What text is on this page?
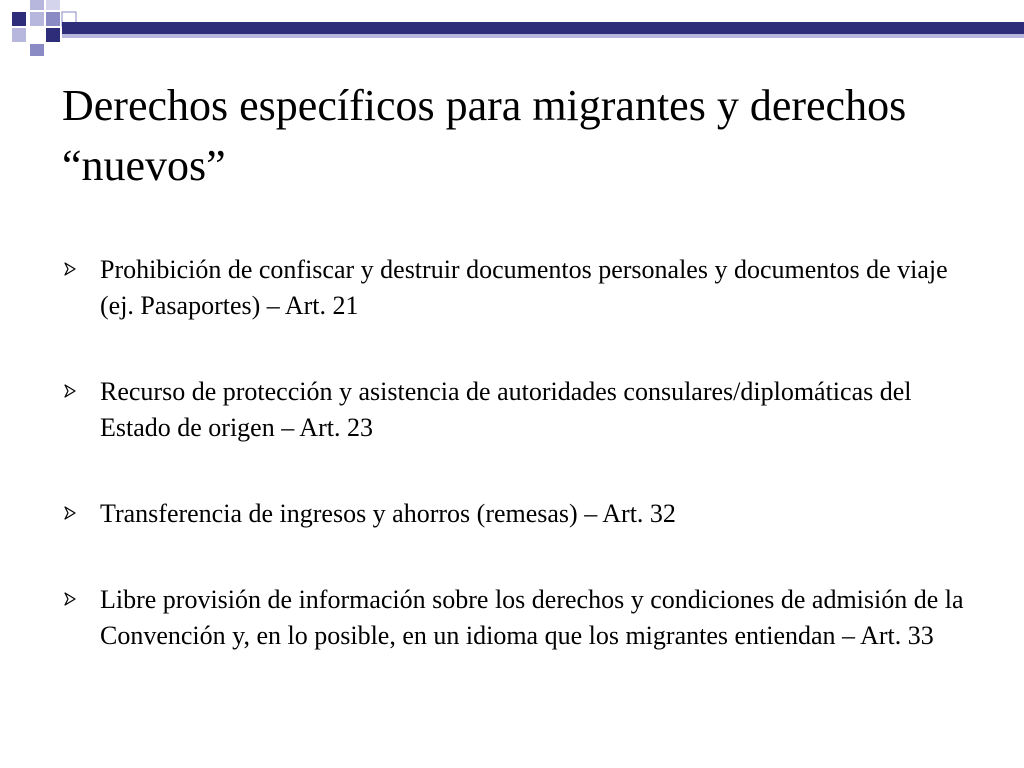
Derechos específicos para migrantes y derechos “nuevos”
Prohibición de confiscar y destruir documentos personales y documentos de viaje (ej. Pasaportes) – Art. 21
Recurso de protección y asistencia de autoridades consulares/diplomáticas del Estado de origen – Art. 23
Transferencia de ingresos y ahorros (remesas) – Art. 32
Libre provisión de información sobre los derechos y condiciones de admisión de la Convención y, en lo posible, en un idioma que los migrantes entiendan – Art. 33
